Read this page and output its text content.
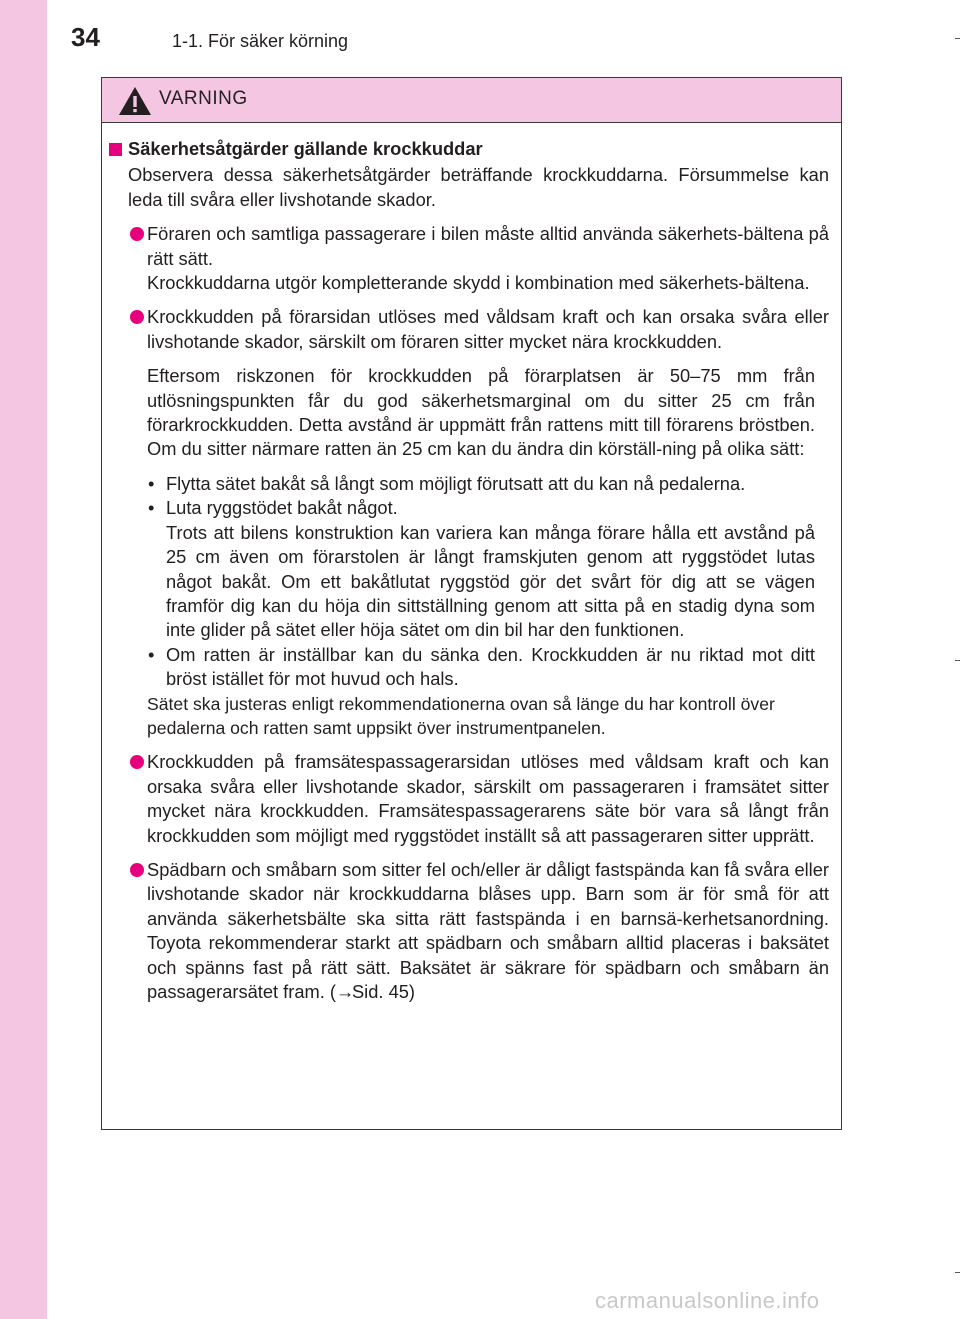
34	1-1. För säker körning
VARNING
Säkerhetsåtgärder gällande krockkuddar
Observera dessa säkerhetsåtgärder beträffande krockkuddarna. Försummelse kan leda till svåra eller livshotande skador.
Föraren och samtliga passagerare i bilen måste alltid använda säkerhets-bältena på rätt sätt.
Krockkuddarna utgör kompletterande skydd i kombination med säkerhets-bältena.
Krockkudden på förarsidan utlöses med våldsam kraft och kan orsaka svåra eller livshotande skador, särskilt om föraren sitter mycket nära krockkudden.
Eftersom riskzonen för krockkudden på förarplatsen är 50–75 mm från utlösningspunkten får du god säkerhetsmarginal om du sitter 25 cm från förarkrockkudden. Detta avstånd är uppmätt från rattens mitt till förarens bröstben. Om du sitter närmare ratten än 25 cm kan du ändra din körställ-ning på olika sätt:
• Flytta sätet bakåt så långt som möjligt förutsatt att du kan nå pedalerna.
• Luta ryggstödet bakåt något.
Trots att bilens konstruktion kan variera kan många förare hålla ett avstånd på 25 cm även om förarstolen är långt framskjuten genom att ryggstödet lutas något bakåt. Om ett bakåtlutat ryggstöd gör det svårt för dig att se vägen framför dig kan du höja din sittställning genom att sitta på en stadig dyna som inte glider på sätet eller höja sätet om din bil har den funktionen.
• Om ratten är inställbar kan du sänka den. Krockkudden är nu riktad mot ditt bröst istället för mot huvud och hals.
Sätet ska justeras enligt rekommendationerna ovan så länge du har kontroll över pedalerna och ratten samt uppsikt över instrumentpanelen.
Krockkudden på framsätespassagerarsidan utlöses med våldsam kraft och kan orsaka svåra eller livshotande skador, särskilt om passageraren i framsätet sitter mycket nära krockkudden. Framsätespassagerarens säte bör vara så långt från krockkudden som möjligt med ryggstödet inställt så att passageraren sitter upprätt.
Spädbarn och småbarn som sitter fel och/eller är dåligt fastspända kan få svåra eller livshotande skador när krockkuddarna blåses upp. Barn som är för små för att använda säkerhetsbälte ska sitta rätt fastspända i en barnsä-kerhetsanordning. Toyota rekommenderar starkt att spädbarn och småbarn alltid placeras i baksätet och spänns fast på rätt sätt. Baksätet är säkrare för spädbarn och småbarn än passagerarsätet fram. (→Sid. 45)
carmanualsonline.info
